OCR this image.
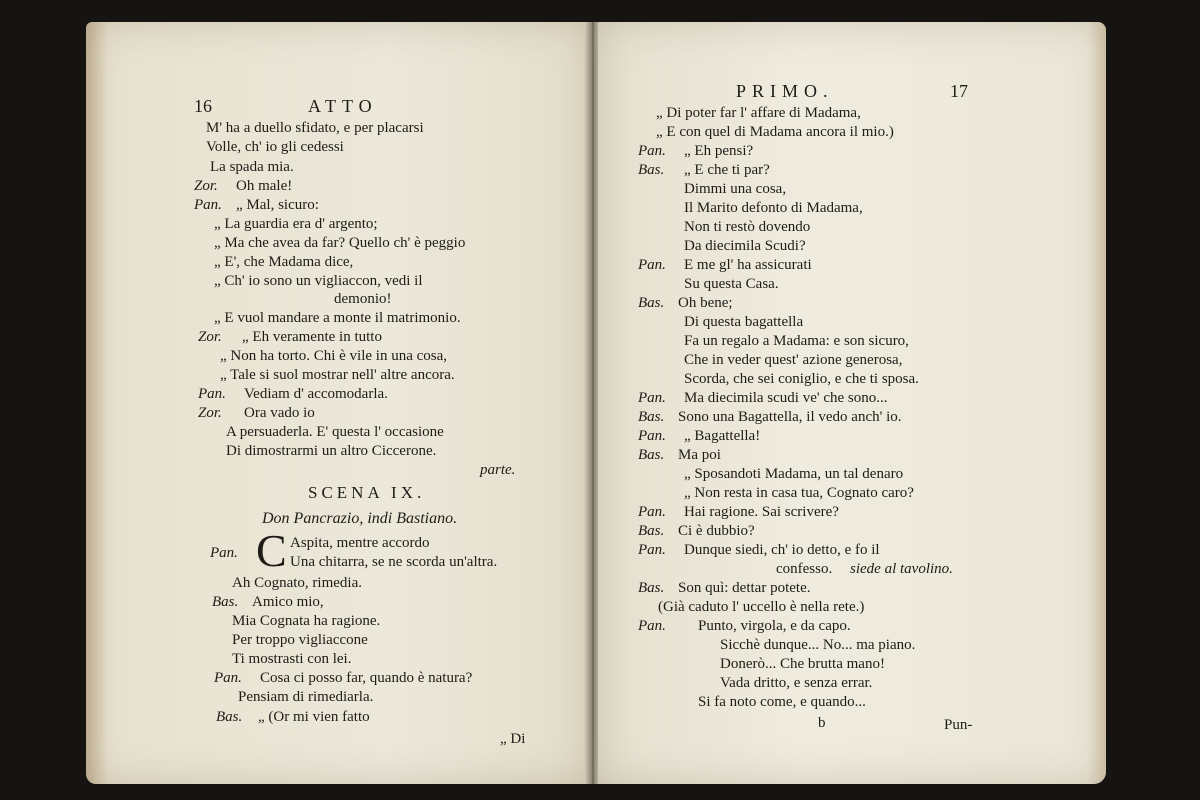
16	ATTO
M' ha a duello sfidato, e per placarsi
Volle, ch' io gli cedessi
La spada mia.
Zor. Oh male!
Pan. „ Mal, sicuro:
„ La guardia era d' argento;
„ Ma che avea da far? Quello ch' è peggio
„ E', che Madama dice,
„ Ch' io sono un vigliaccon, vedi il
demonio!
„ E vuol mandare a monte il matrimonio.
Zor. „ Eh veramente in tutto
„ Non ha torto. Chi è vile in una cosa,
„ Tale si suol mostrar nell' altre ancora.
Pan. Vediam d' accomodarla.
Zor. Ora vado io
A persuaderla. E' questa l' occasione
Di dimostrarmi un altro Ciccerone.
parte.
SCENA IX.
Don Pancrazio, indi Bastiano.
Pan. C Aspita, mentre accordo
Una chitarra, se ne scorda un'altra.
Ah Cognato, rimedia.
Bas. Amico mio,
Mia Cognata ha ragione.
Per troppo vigliaccone
Ti mostrasti con lei.
Pan. Cosa ci posso far, quando è natura?
Pensiam di rimediarla.
Bas. „ (Or mi vien fatto
„ Di
PRIMO.	17
„ Di poter far l' affare di Madama,
„ E con quel di Madama ancora il mio.)
Pan. „ Eh pensi?
Bas. „ E che ti par?
Dimmi una cosa,
Il Marito defonto di Madama,
Non ti restò dovendo
Da diecimila Scudi?
Pan. E me gl' ha assicurati
Su questa Casa.
Bas. Oh bene;
Di questa bagattella
Fa un regalo a Madama: e son sicuro,
Che in veder quest' azione generosa,
Scorda, che sei coniglio, e che ti sposa.
Pan. Ma diecimila scudi ve' che sono...
Bas. Sono una Bagattella, il vedo anch' io.
Pan. „ Bagattella!
Bas. Ma poi
„ Sposandoti Madama, un tal denaro
„ Non resta in casa tua, Cognato caro?
Pan. Hai ragione. Sai scrivere?
Bas. Ci è dubbio?
Pan. Dunque siedi, ch' io detto, e fo il
confesso. siede al tavolino.
Bas. Son quì: dettar potete.
(Già caduto l' uccello è nella rete.)
Pan. Punto, virgola, e da capo.
Sicchè dunque... No... ma piano.
Donerò... Che brutta mano!
Vada dritto, e senza errar.
Si fa noto come, e quando...
b	Pun-
